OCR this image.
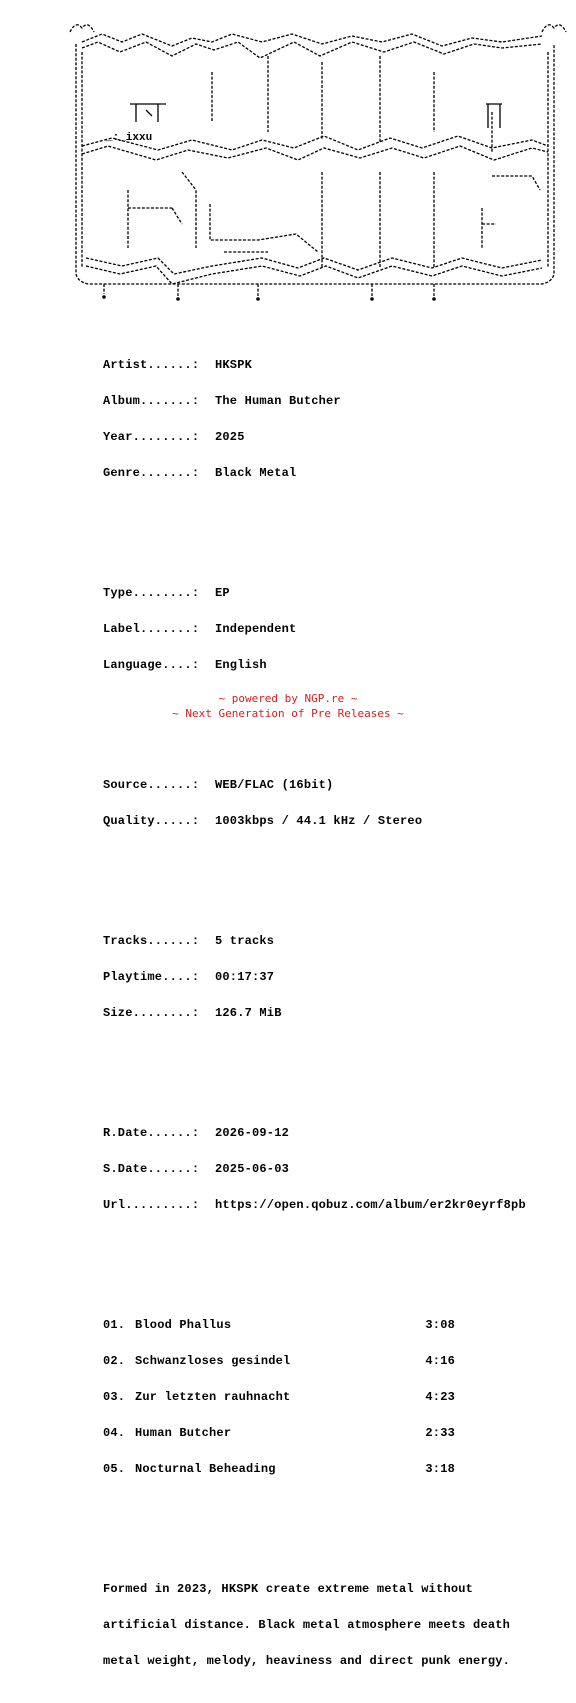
_:_ixxu

Artist......: HKSPK

Album.......: The Human Butcher

Year........: 2025

Genre.......: Black Metal

Type........: EP

Label.......: Independent

Language....: English

Source......: WEB/FLAC (16bit)

Quality.....: 1003kbps / 44.1 kHz / Stereo

Tracks......: 5 tracks

Playtime....: 00:17:37

Size........: 126.7 MiB

R.Date......: 2026-09-12

S.Date......: 2025-06-03

Url.........: https://open.qobuz.com/album/er2kr0eyrf8pb

01. Blood Phallus	3:08

02. Schwanzloses gesindel	4:16

03. Zur letzten rauhnacht	4:23

04. Human Butcher	2:33

05. Nocturnal Beheading	3:18

Formed in 2023, HKSPK create extreme metal without

artificial distance. Black metal atmosphere meets death

metal weight, melody, heaviness and direct punk energy.

~ powered by NGP.re ~
~ Next Generation of Pre Releases ~
